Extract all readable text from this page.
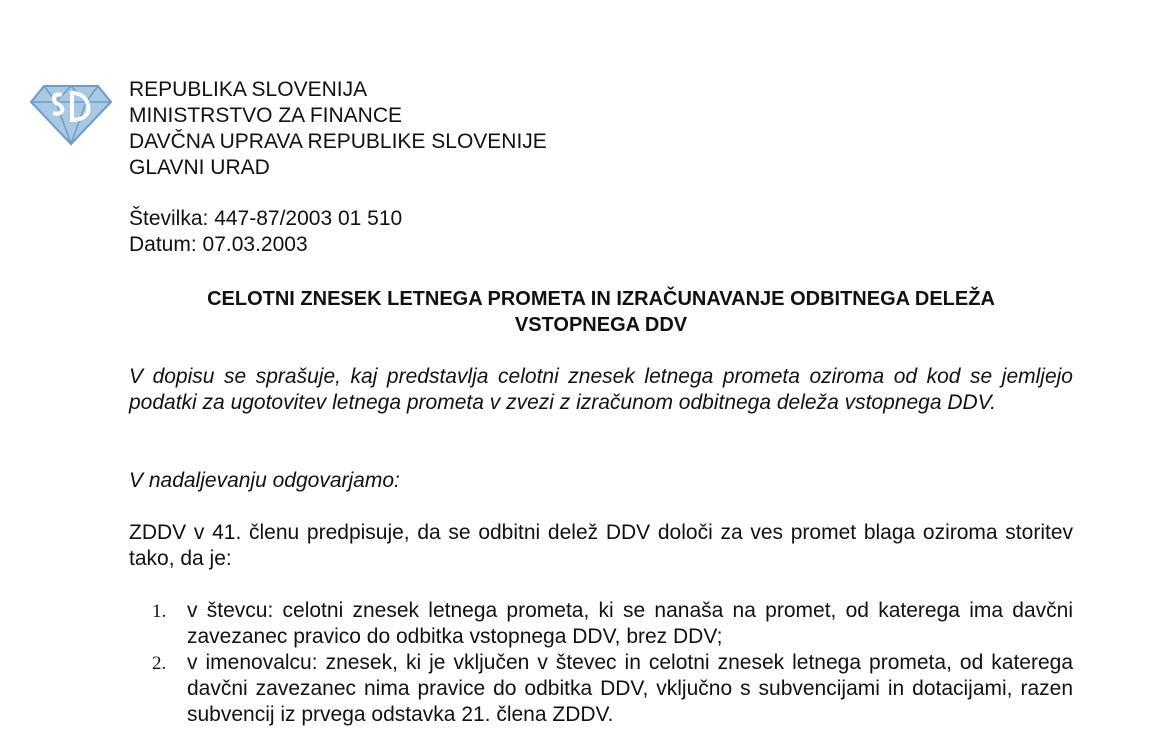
REPUBLIKA SLOVENIJA
MINISTRSTVO ZA FINANCE
DAVČNA UPRAVA REPUBLIKE SLOVENIJE
GLAVNI URAD
Številka: 447-87/2003 01 510
Datum: 07.03.2003
CELOTNI ZNESEK LETNEGA PROMETA IN IZRAČUNAVANJE ODBITNEGA DELEŽA
VSTOPNEGA DDV
V dopisu se sprašuje, kaj predstavlja celotni znesek letnega prometa oziroma od kod se jemljejo podatki za ugotovitev letnega prometa v zvezi z izračunom odbitnega deleža vstopnega DDV.
V nadaljevanju odgovarjamo:
ZDDV v 41. členu predpisuje, da se odbitni delež DDV določi za ves promet blaga oziroma storitev tako, da je:
1. v števcu: celotni znesek letnega prometa, ki se nanaša na promet, od katerega ima davčni zavezanec pravico do odbitka vstopnega DDV, brez DDV;
2. v imenovalcu: znesek, ki je vključen v števec in celotni znesek letnega prometa, od katerega davčni zavezanec nima pravice do odbitka DDV, vključno s subvencijami in dotacijami, razen subvencij iz prvega odstavka 21. člena ZDDV.
